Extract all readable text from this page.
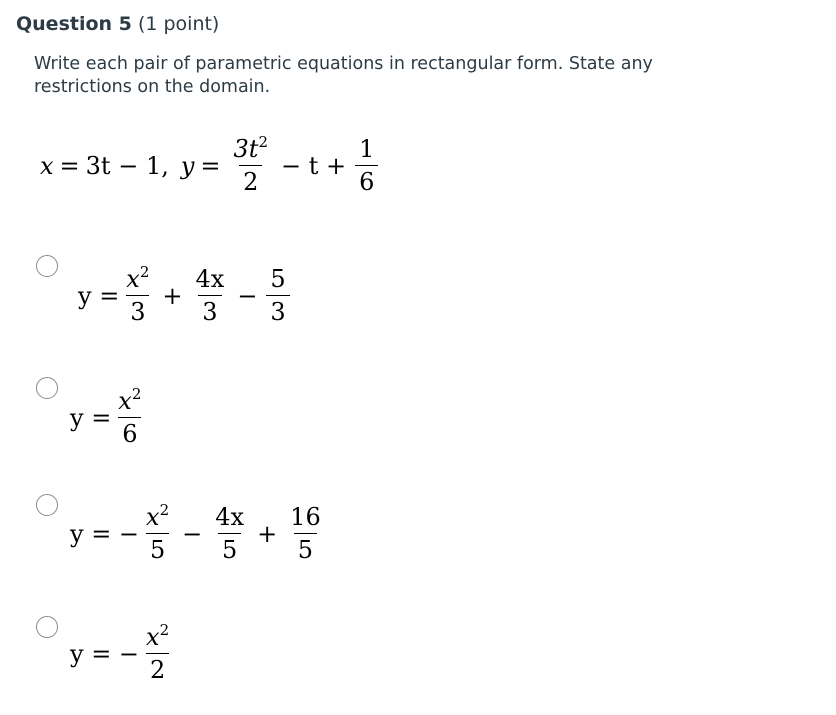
Question 5 (1 point)
Write each pair of parametric equations in rectangular form. State any restrictions on the domain.
x = 3t − 1, $y = \frac{3t^2}{2} - t + \frac{1}{6}$
$y = \frac{x^2}{3} + \frac{4x}{3} - \frac{5}{3}$
$y = \frac{x^2}{6}$
y = − $\frac{x^2}{5} - \frac{4x}{5} + \frac{16}{5}$
y = − $\frac{x^2}{2}$
